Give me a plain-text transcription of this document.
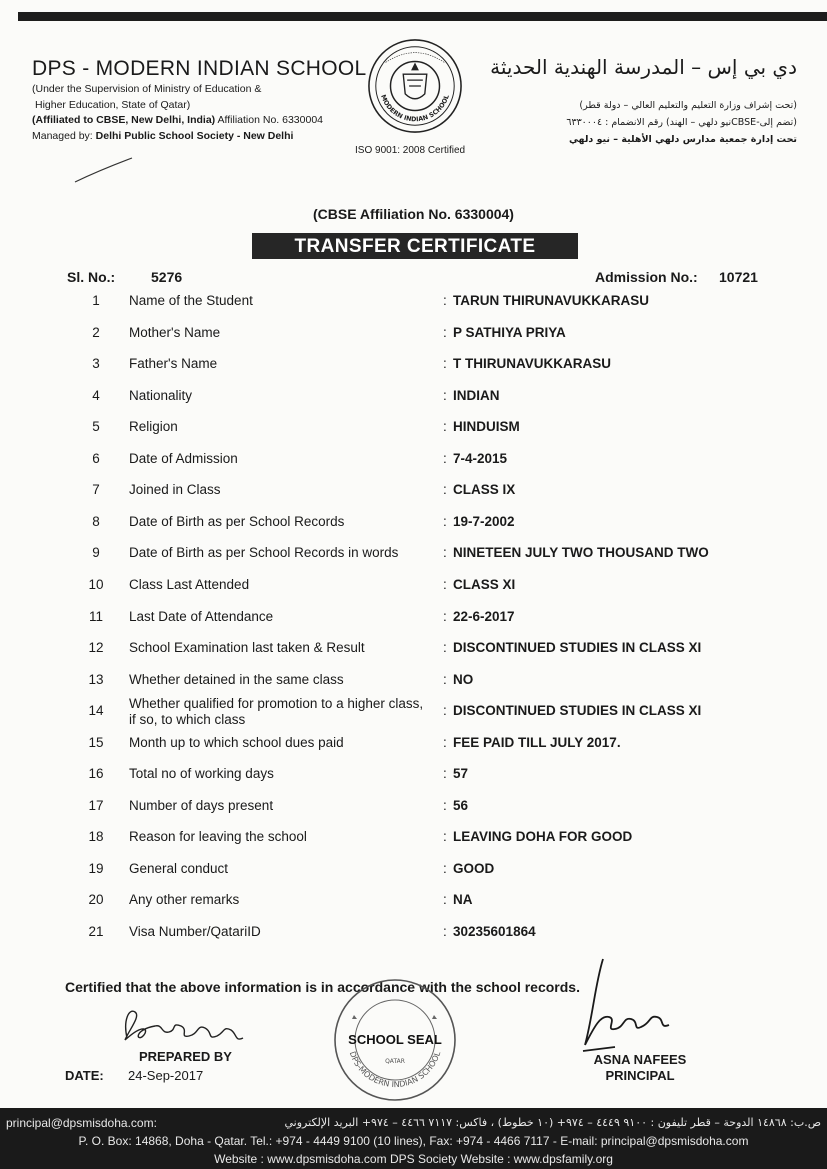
DPS - MODERN INDIAN SCHOOL
(Under the Supervision of Ministry of Education &
Higher Education, State of Qatar)
(Affiliated to CBSE, New Delhi, India) Affiliation No. 6330004
Managed by: Delhi Public School Society - New Delhi
دي بي إس – المدرسة الهندية الحديثة
(تحت إشراف وزارة التعليم والتعليم العالي – دولة قطر)
(تضم إلى-CBSEنيو دلهي – الهند) رقم الانضمام : ٦٣٣٠٠٠٤
تحت إدارة جمعية مدارس دلهي الأهلية – نيو دلهي
MODERN INDIAN SCHOOL
ISO 9001: 2008 Certified
(CBSE Affiliation No. 6330004)
TRANSFER CERTIFICATE
Sl. No.:	5276	Admission No.: 10721
1	Name of the Student	: TARUN THIRUNAVUKKARASU
2	Mother's Name	: P SATHIYA PRIYA
3	Father's Name	: T THIRUNAVUKKARASU
4	Nationality	: INDIAN
5	Religion	: HINDUISM
6	Date of Admission	: 7-4-2015
7	Joined in Class	: CLASS IX
8	Date of Birth as per School Records	: 19-7-2002
9	Date of Birth as per School Records in words	: NINETEEN JULY TWO THOUSAND TWO
10	Class Last Attended	: CLASS XI
11	Last Date of Attendance	: 22-6-2017
12	School Examination last taken & Result	: DISCONTINUED STUDIES IN CLASS XI
13	Whether detained in the same class	: NO
14	Whether qualified for promotion to a higher class,
if so, to which class
: DISCONTINUED STUDIES IN CLASS XI
15	Month up to which school dues paid	: FEE PAID TILL JULY 2017.
16	Total no of working days	: 57
17	Number of days present	: 56
18	Reason for leaving the school	: LEAVING DOHA FOR GOOD
19	General conduct	: GOOD
20	Any other remarks	: NA
21	Visa Number/QatariID	: 30235601864
Certified that the above information is in accordance with the school records.
PREPARED BY
DATE: 24-Sep-2017
DPS-MODERN INDIAN SCHOOL
QATAR
SCHOOL SEAL
ASNA NAFEES
PRINCIPAL
principal@dpsmisdoha.com:	ص.ب: ١٤٨٦٨ الدوحة – قطر تليفون : ٩١٠٠ ٤٤٤٩ – ٩٧٤+ (١٠ خطوط) ، فاكس: ٧١١٧ ٤٤٦٦ – ٩٧٤+ البريد الإلكتروني
P. O. Box: 14868, Doha - Qatar. Tel.: +974 - 4449 9100 (10 lines), Fax: +974 - 4466 7117 - E-mail: principal@dpsmisdoha.com
Website : www.dpsmisdoha.com DPS Society Website : www.dpsfamily.org
